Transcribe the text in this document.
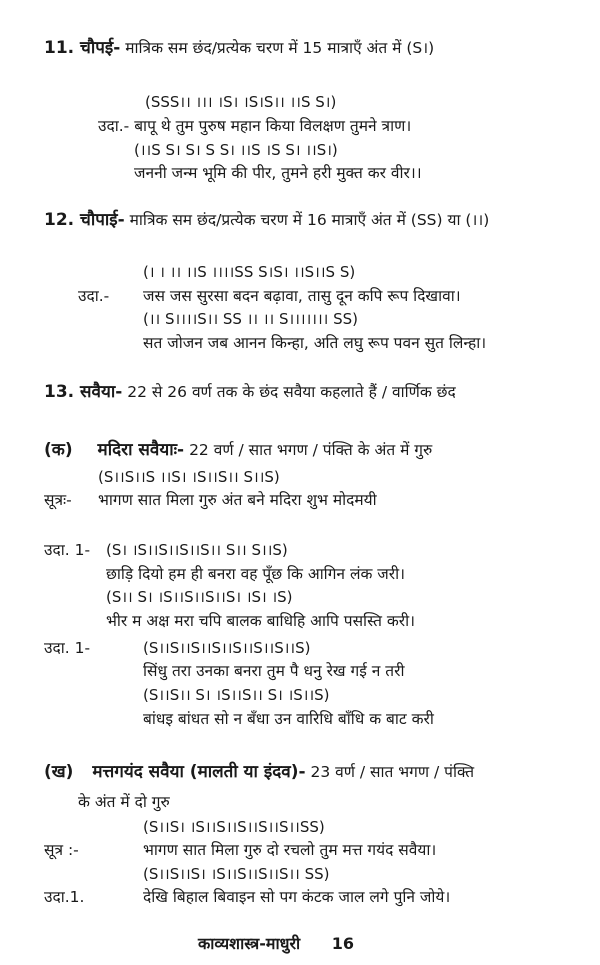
11. चौपई- मात्रिक सम छंद/प्रत्येक चरण में 15 मात्राएँ अंत में (S।)
(SSS।। ।।। ।S। ।S।S।। ।।S S।)
उदा.- बापू थे तुम पुरुष महान किया विलक्षण तुमने त्राण।
(।।S S। S। S S। ।।S ।S S। ।।S।)
जननी जन्म भूमि की पीर, तुमने हरी मुक्त कर वीर।।
12. चौपाई- मात्रिक सम छंद/प्रत्येक चरण में 16 मात्राएँ अंत में (SS) या (।।)
(। । ।। ।।S ।।।।SS S।S। ।।S।।S S)
उदा.- जस जस सुरसा बदन बढ़ावा, तासु दून कपि रूप दिखावा।
(।। S।।।।S।। SS ।। ।। S।।।।।।। SS)
सत जोजन जब आनन किन्हा, अति लघु रूप पवन सुत लिन्हा।
13. सवैया- 22 से 26 वर्ण तक के छंद सवैया कहलाते हैं / वार्णिक छंद
(क) मदिरा सवैयाः- 22 वर्ण / सात भगण / पंक्ति के अंत में गुरु
(S।।S।।S ।।S। ।S।।S।। S।।S)
सूत्रः- भागण सात मिला गुरु अंत बने मदिरा शुभ मोदमयी
उदा. 1- (S। ।S।।S।।S।।S।। S।। S।।S)
छाड़ि दियो हम ही बनरा वह पूँछ कि आगिन लंक जरी।
(S।। S। ।S।।S।।S।।S। ।S। ।S)
भीर म अक्ष मरा चपि बालक बाधिहि आपि पसस्ति करी।
उदा. 1-	(S।।S।।S।।S।।S।।S।।S।।S)
सिंधु तरा उनका बनरा तुम पै धनु रेख गई न तरी
(S।।S।। S। ।S।।S।। S। ।S।।S)
बांधइ बांधत सो न बँधा उन वारिधि बाँधि क बाट करी
(ख) मत्तगयंद सवैया (मालती या इंदव)- 23 वर्ण / सात भगण / पंक्ति
के अंत में दो गुरु
(S।।S। ।S।।S।।S।।S।।S।।SS)
सूत्र :-	भागण सात मिला गुरु दो रचलो तुम मत्त गयंद सवैया।
(S।।S।।S। ।S।।S।।S।।S।। SS)
उदा.1.	देखि बिहाल बिवाइन सो पग कंटक जाल लगे पुनि जोये।
काव्यशास्त्र-माधुरी 16
